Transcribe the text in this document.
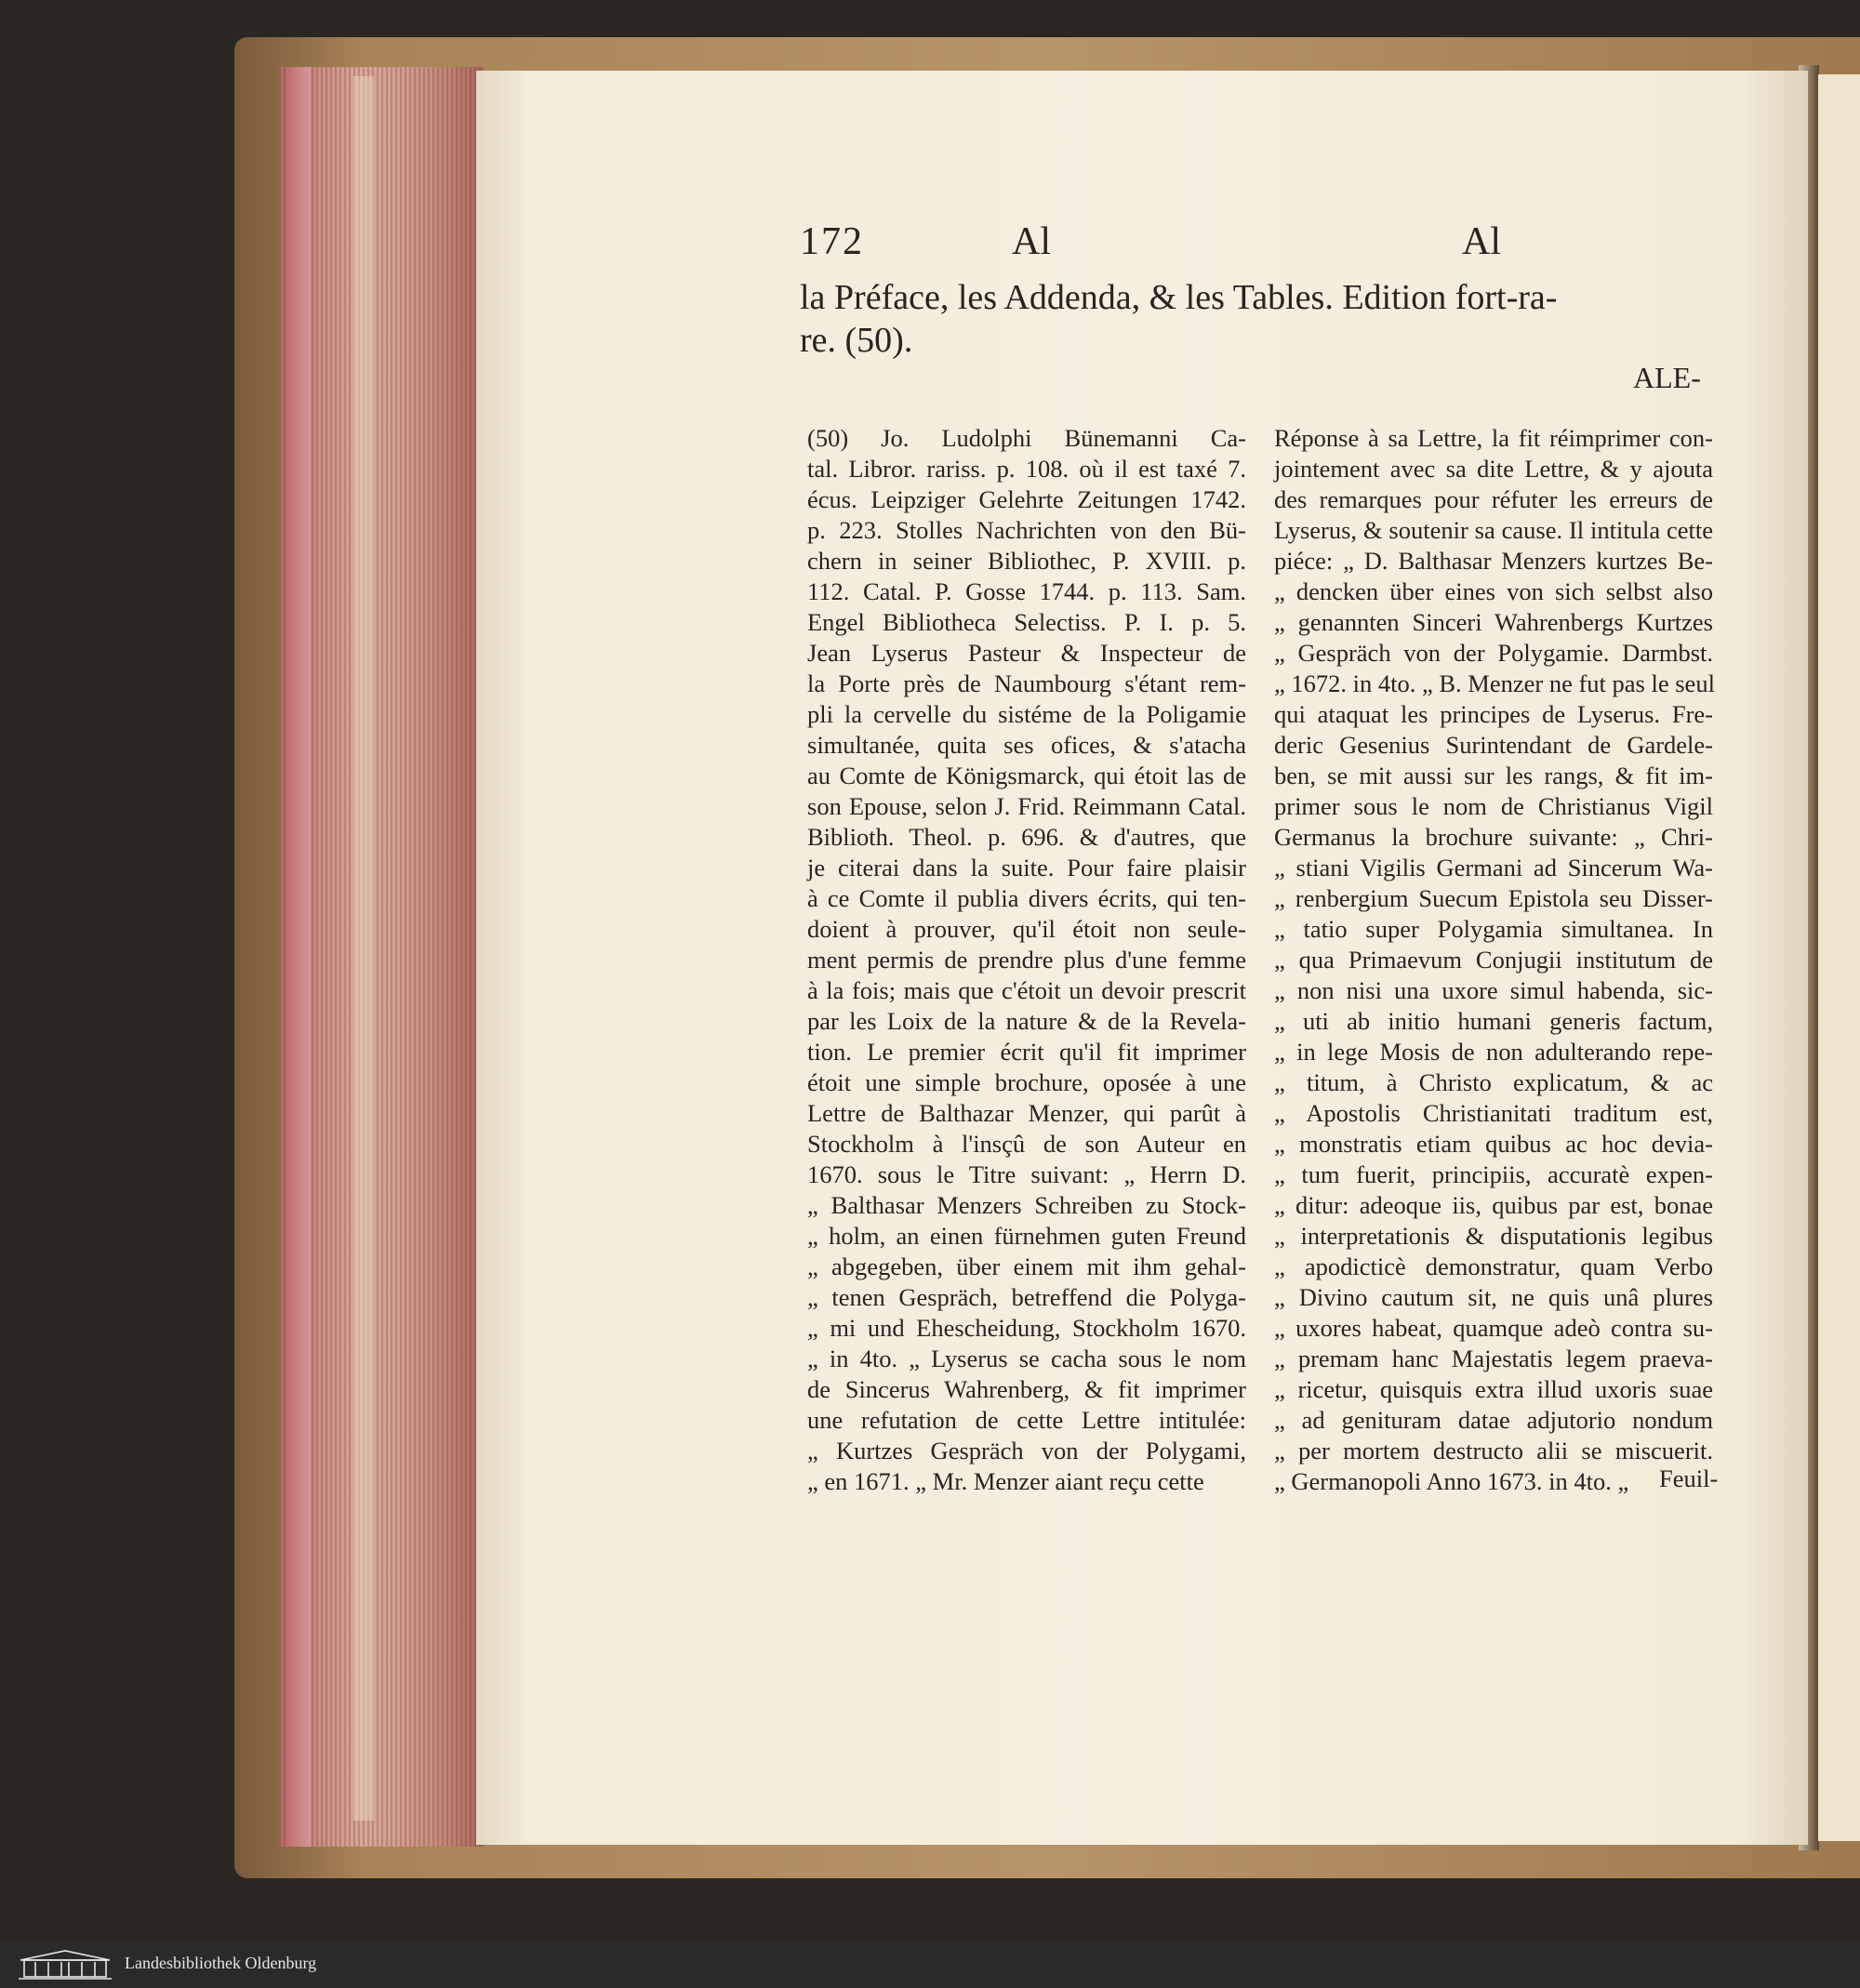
172	Al	Al
la Préface, les Addenda, & les Tables. Edition fort-ra-
re. (50).
ALE-
(50) Jo. Ludolphi Bünemanni Ca-
tal. Libror. rariss. p. 108. où il est taxé 7.
écus. Leipziger Gelehrte Zeitungen 1742.
p. 223. Stolles Nachrichten von den Bü-
chern in seiner Bibliothec, P. XVIII. p.
112. Catal. P. Gosse 1744. p. 113. Sam.
Engel Bibliotheca Selectiss. P. I. p. 5.
Jean Lyserus Pasteur & Inspecteur de
la Porte près de Naumbourg s'étant rem-
pli la cervelle du sistéme de la Poligamie
simultanée, quita ses ofices, & s'atacha
au Comte de Königsmarck, qui étoit las de
son Epouse, selon J. Frid. Reimmann Catal.
Biblioth. Theol. p. 696. & d'autres, que
je citerai dans la suite. Pour faire plaisir
à ce Comte il publia divers écrits, qui ten-
doient à prouver, qu'il étoit non seule-
ment permis de prendre plus d'une femme
à la fois; mais que c'étoit un devoir prescrit
par les Loix de la nature & de la Revela-
tion. Le premier écrit qu'il fit imprimer
étoit une simple brochure, oposée à une
Lettre de Balthazar Menzer, qui parût à
Stockholm à l'insçû de son Auteur en
1670. sous le Titre suivant: „ Herrn D.
„ Balthasar Menzers Schreiben zu Stock-
„ holm, an einen fürnehmen guten Freund
„ abgegeben, über einem mit ihm gehal-
„ tenen Gespräch, betreffend die Polyga-
„ mi und Ehescheidung, Stockholm 1670.
„ in 4to. „ Lyserus se cacha sous le nom
de Sincerus Wahrenberg, & fit imprimer
une refutation de cette Lettre intitulée:
„ Kurtzes Gespräch von der Polygami,
„ en 1671. „ Mr. Menzer aiant reçu cette
Réponse à sa Lettre, la fit réimprimer con-
jointement avec sa dite Lettre, & y ajouta
des remarques pour réfuter les erreurs de
Lyserus, & soutenir sa cause. Il intitula cette
piéce: „ D. Balthasar Menzers kurtzes Be-
„ dencken über eines von sich selbst also
„ genannten Sinceri Wahrenbergs Kurtzes
„ Gespräch von der Polygamie. Darmbst.
„ 1672. in 4to. „ B. Menzer ne fut pas le seul
qui ataquat les principes de Lyserus. Fre-
deric Gesenius Surintendant de Gardele-
ben, se mit aussi sur les rangs, & fit im-
primer sous le nom de Christianus Vigil
Germanus la brochure suivante: „ Chri-
„ stiani Vigilis Germani ad Sincerum Wa-
„ renbergium Suecum Epistola seu Disser-
„ tatio super Polygamia simultanea. In
„ qua Primaevum Conjugii institutum de
„ non nisi una uxore simul habenda, sic-
„ uti ab initio humani generis factum,
„ in lege Mosis de non adulterando repe-
„ titum, à Christo explicatum, & ac
„ Apostolis Christianitati traditum est,
„ monstratis etiam quibus ac hoc devia-
„ tum fuerit, principiis, accuratè expen-
„ ditur: adeoque iis, quibus par est, bonae
„ interpretationis & disputationis legibus
„ apodicticè demonstratur, quam Verbo
„ Divino cautum sit, ne quis unâ plures
„ uxores habeat, quamque adeò contra su-
„ premam hanc Majestatis legem praeva-
„ ricetur, quisquis extra illud uxoris suae
„ ad genituram datae adjutorio nondum
„ per mortem destructo alii se miscuerit.
„ Germanopoli Anno 1673. in 4to. „	Feuil-
Landesbibliothek Oldenburg
